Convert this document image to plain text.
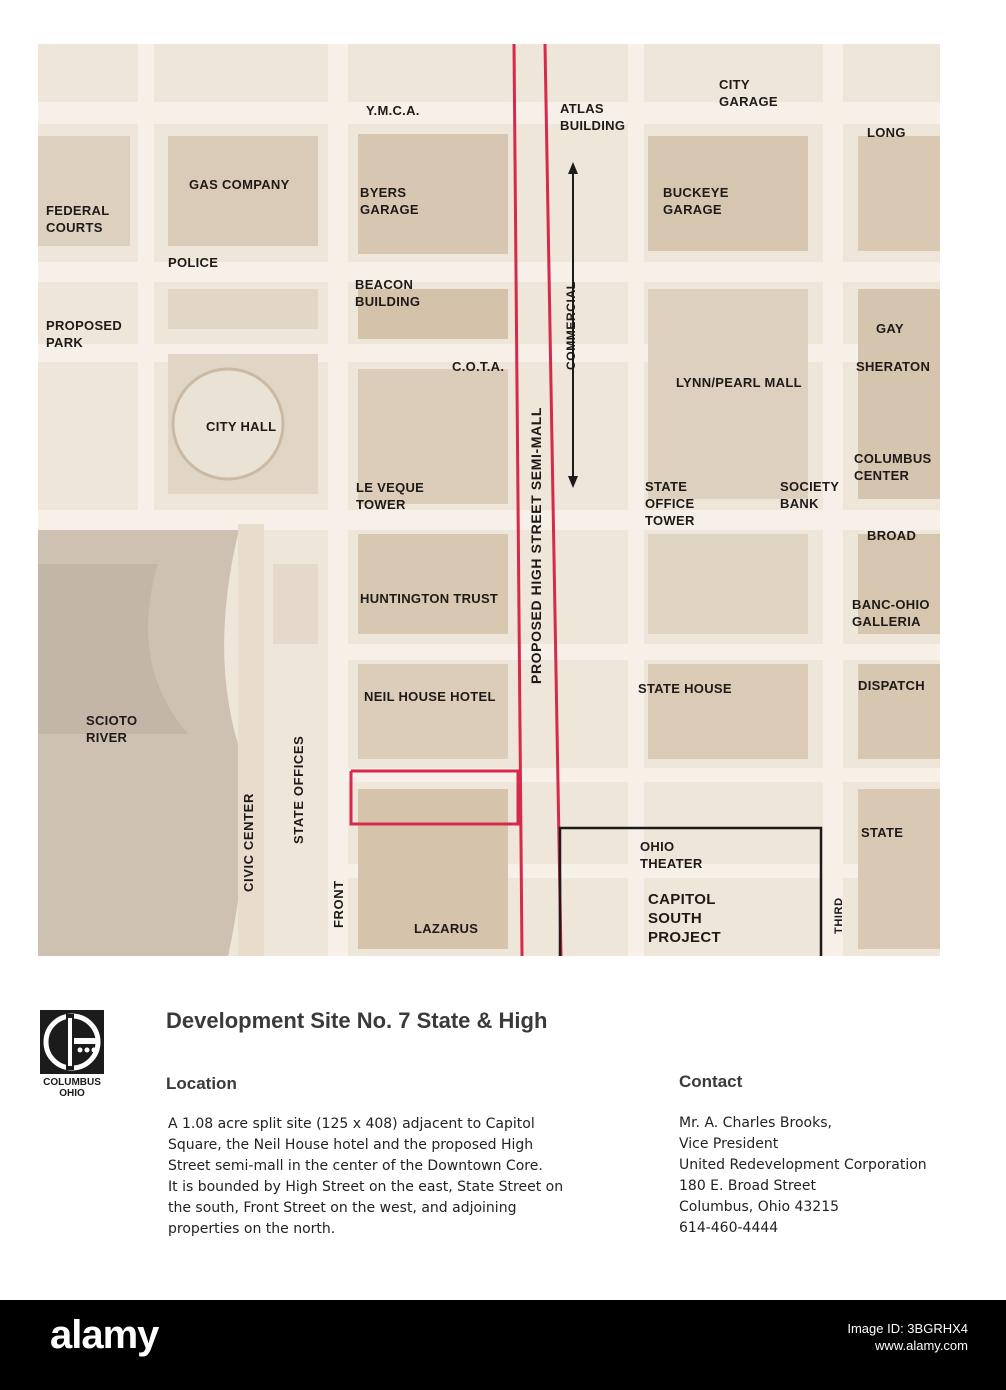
Y.M.C.A.	ATLAS
BUILDING
CITY
GARAGE
LONG
GAS COMPANY
BYERS
GARAGE
BUCKEYE
GARAGE
FEDERAL
COURTS
POLICE
BEACON
BUILDING
PROPOSED
PARK
GAY
C.O.T.A.
LYNN/PEARL MALL
SHERATON
CITY HALL
COLUMBUS
CENTER
LE VEQUE
TOWER
STATE
OFFICE
TOWER
SOCIETY
BANK
BROAD
HUNTINGTON TRUST	BANC-OHIO
GALLERIA
STATE HOUSE	DISPATCH
NEIL HOUSE HOTEL
SCIOTO
RIVER
STATE
OHIO
THEATER
CAPITOL
SOUTH
PROJECT
LAZARUS
PROPOSED HIGH STREET SEMI-MALL
COMMERCIAL
CIVIC CENTER	STATE OFFICES
FRONT	THIRD
COLUMBUS
OHIO
Development Site No. 7 State & High
Location
A 1.08 acre split site (125 x 408) adjacent to Capitol
Square, the Neil House hotel and the proposed High
Street semi-mall in the center of the Downtown Core.
It is bounded by High Street on the east, State Street on
the south, Front Street on the west, and adjoining
properties on the north.
Contact
Mr. A. Charles Brooks,
Vice President
United Redevelopment Corporation
180 E. Broad Street
Columbus, Ohio 43215
614-460-4444
alamy	Image ID: 3BGRHX4
www.alamy.com
